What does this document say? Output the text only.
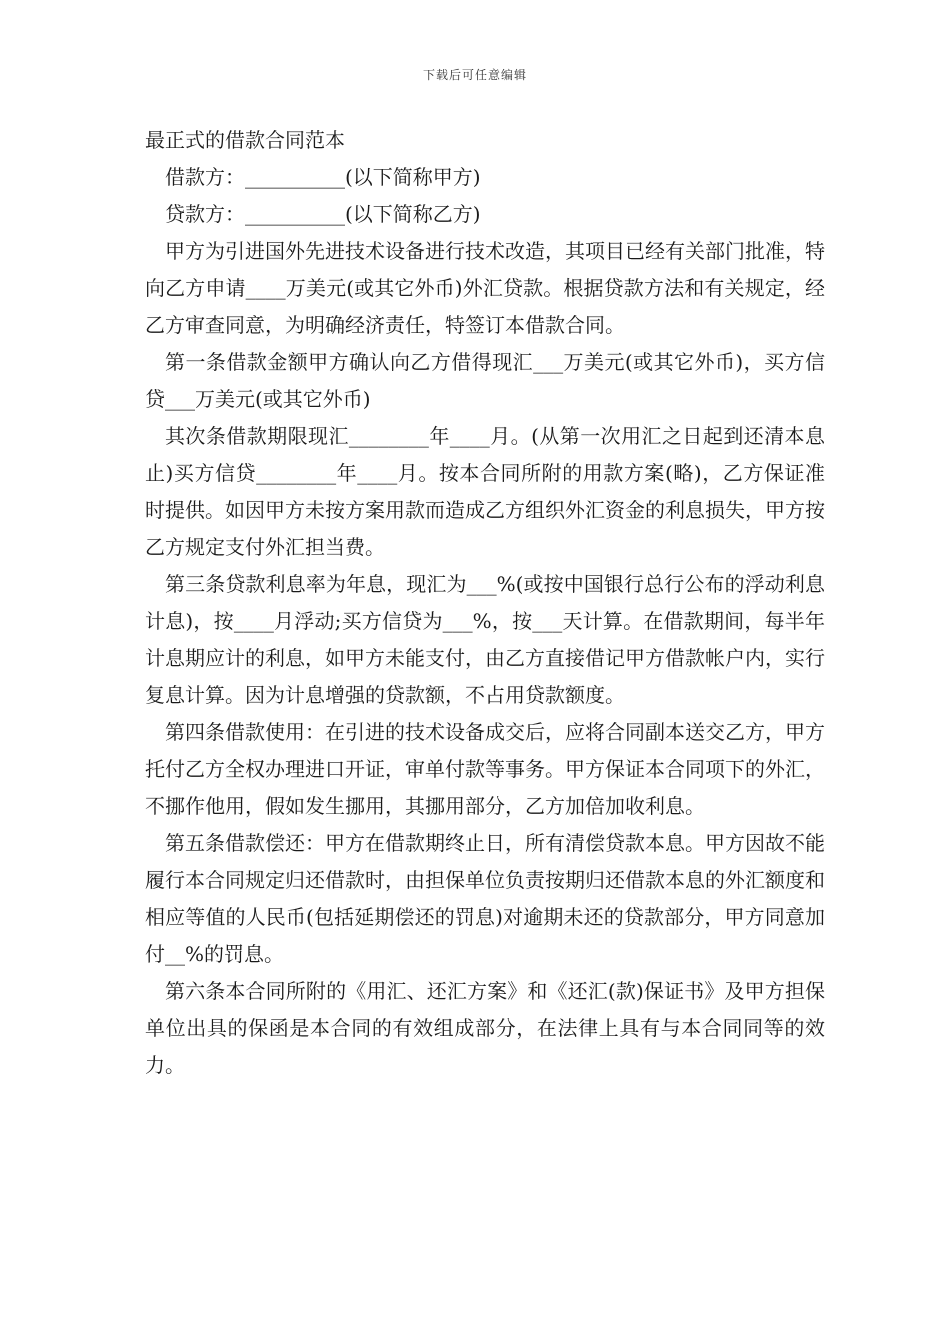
下载后可任意编辑

最正式的借款合同范本

借款方：__________(以下简称甲方)

贷款方：__________(以下简称乙方)

甲方为引进国外先进技术设备进行技术改造，其项目已经有关部门批准，特向乙方申请____万美元(或其它外币)外汇贷款。根据贷款方法和有关规定，经乙方审查同意，为明确经济责任，特签订本借款合同。

第一条借款金额甲方确认向乙方借得现汇___万美元(或其它外币)，买方信贷___万美元(或其它外币)

其次条借款期限现汇________年____月。(从第一次用汇之日起到还清本息止)买方信贷________年____月。按本合同所附的用款方案(略)，乙方保证准时提供。如因甲方未按方案用款而造成乙方组织外汇资金的利息损失，甲方按乙方规定支付外汇担当费。

第三条贷款利息率为年息，现汇为___%(或按中国银行总行公布的浮动利息计息)，按____月浮动;买方信贷为___%，按___天计算。在借款期间，每半年计息期应计的利息，如甲方未能支付，由乙方直接借记甲方借款帐户内，实行复息计算。因为计息增强的贷款额，不占用贷款额度。

第四条借款使用：在引进的技术设备成交后，应将合同副本送交乙方，甲方托付乙方全权办理进口开证，审单付款等事务。甲方保证本合同项下的外汇，不挪作他用，假如发生挪用，其挪用部分，乙方加倍加收利息。

第五条借款偿还：甲方在借款期终止日，所有清偿贷款本息。甲方因故不能履行本合同规定归还借款时，由担保单位负责按期归还借款本息的外汇额度和相应等值的人民币(包括延期偿还的罚息)对逾期未还的贷款部分，甲方同意加付__%的罚息。

第六条本合同所附的《用汇、还汇方案》和《还汇(款)保证书》及甲方担保单位出具的保函是本合同的有效组成部分，在法律上具有与本合同同等的效力。
